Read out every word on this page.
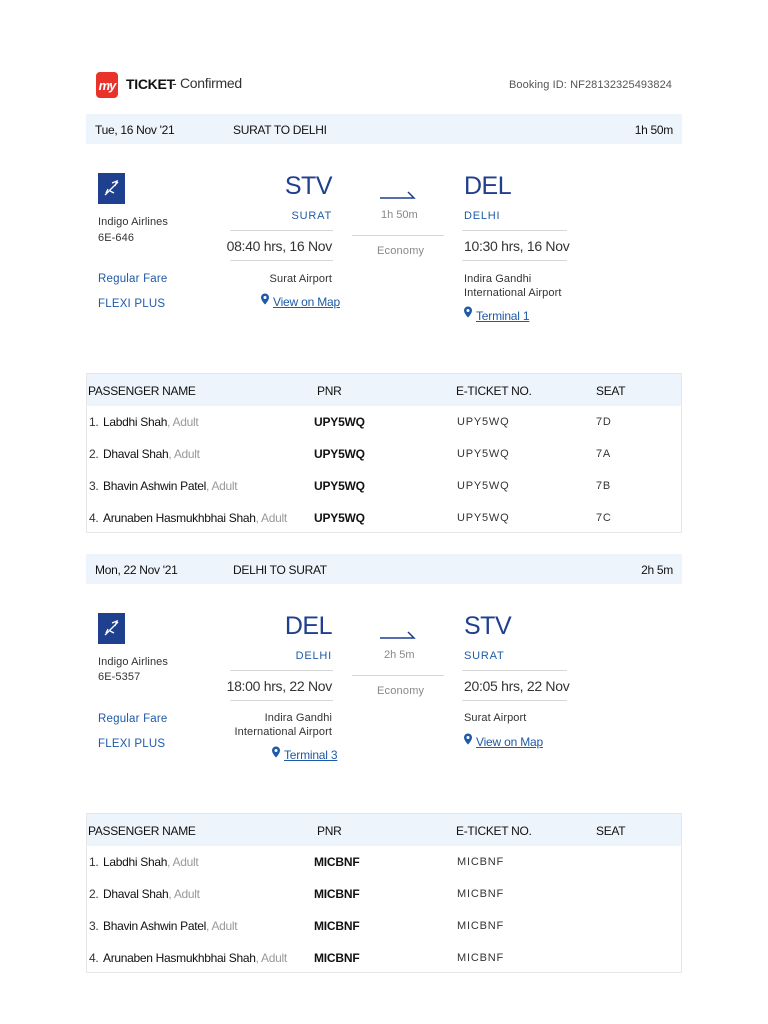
my TICKET
- Confirmed	Booking ID: NF28132325493824
Tue, 16 Nov '21	SURAT TO DELHI	1h 50m
Indigo Airlines
6E-646
Regular Fare
FLEXI PLUS
STV
SURAT
08:40 hrs, 16 Nov
Surat Airport
View on Map
1h 50m
Economy
DEL
DELHI
10:30 hrs, 16 Nov
Indira Gandhi
International Airport
Terminal 1
PASSENGER NAME	PNR	E-TICKET NO.	SEAT
1. Labdhi Shah, Adult	UPY5WQ	UPY5WQ	7D
2. Dhaval Shah, Adult	UPY5WQ	UPY5WQ	7A
3. Bhavin Ashwin Patel, Adult	UPY5WQ	UPY5WQ	7B
4. Arunaben Hasmukhbhai Shah, Adult UPY5WQ	UPY5WQ	7C
Mon, 22 Nov '21	DELHI TO SURAT	2h 5m
Indigo Airlines
6E-5357
Regular Fare
FLEXI PLUS
DEL
DELHI
18:00 hrs, 22 Nov
Indira Gandhi
International Airport
Terminal 3
2h 5m
Economy
STV
SURAT
20:05 hrs, 22 Nov
Surat Airport
View on Map
PASSENGER NAME	PNR	E-TICKET NO.	SEAT
1. Labdhi Shah, Adult	MICBNF	MICBNF
2. Dhaval Shah, Adult	MICBNF	MICBNF
3. Bhavin Ashwin Patel, Adult	MICBNF	MICBNF
4. Arunaben Hasmukhbhai Shah, Adult MICBNF	MICBNF
